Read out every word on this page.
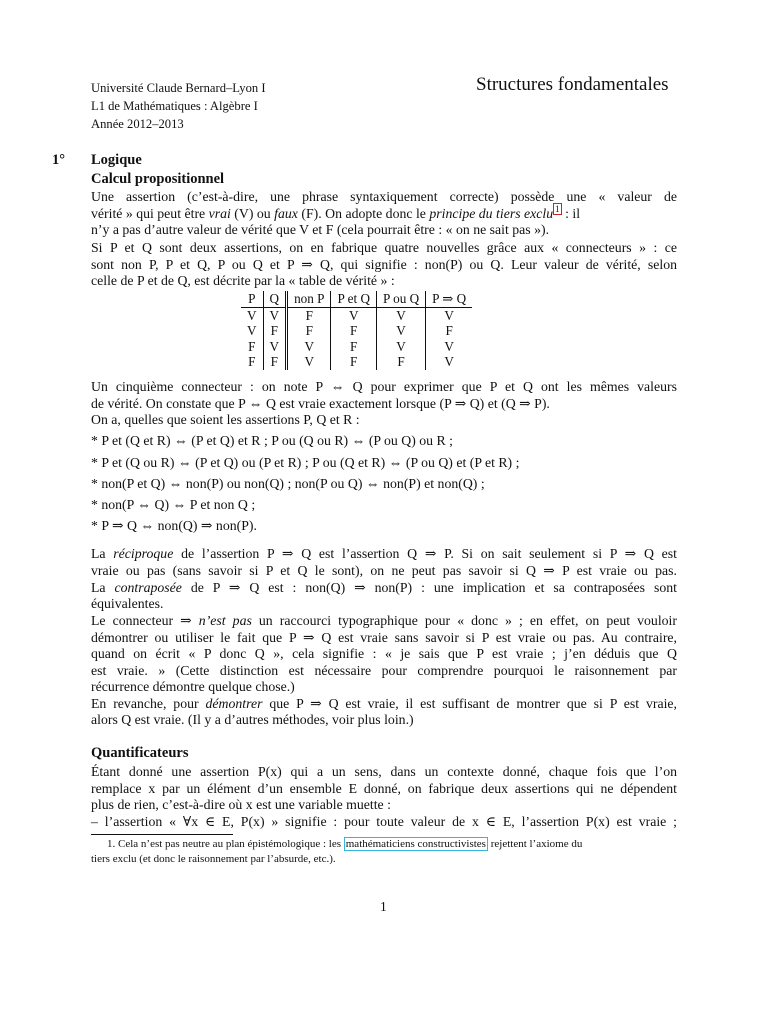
Université Claude Bernard–Lyon I
L1 de Mathématiques : Algèbre I
Année 2012–2013
Structures fondamentales
1° Logique
Calcul propositionnel
Une assertion (c’est-à-dire, une phrase syntaxiquement correcte) possède une « valeur de
vérité » qui peut être vrai (V) ou faux (F). On adopte donc le principe du tiers exclu $^1$ : il
n’y a pas d’autre valeur de vérité que V et F (cela pourrait être : « on ne sait pas »).
Si P et Q sont deux assertions, on en fabrique quatre nouvelles grâce aux « connecteurs » : ce
sont non P, P et Q, P ou Q et P ⇒ Q, qui signifie : non(P) ou Q. Leur valeur de vérité, selon
celle de P et de Q, est décrite par la « table de vérité » :
P	Q	non P	P et Q	P ou Q	P ⇒ Q
V	V	F	V	V	V
V	F	F	F	V	F
F	V	V	F	V	V
F	F	V	F	F	V
Un cinquième connecteur : on note P ⇔ Q pour exprimer que P et Q ont les mêmes valeurs
de vérité. On constate que P ⇔ Q est vraie exactement lorsque (P ⇒ Q) et (Q ⇒ P).
On a, quelles que soient les assertions P, Q et R :
* P et (Q et R) ⇔ (P et Q) et R ; P ou (Q ou R) ⇔ (P ou Q) ou R ;
* P et (Q ou R) ⇔ (P et Q) ou (P et R) ; P ou (Q et R) ⇔ (P ou Q) et (P et R) ;
* non(P et Q) ⇔ non(P) ou non(Q) ; non(P ou Q) ⇔ non(P) et non(Q) ;
* non(P ⇔ Q) ⇔ P et non Q ;
* P ⇒ Q ⇔ non(Q) ⇒ non(P).
La réciproque de l’assertion P ⇒ Q est l’assertion Q ⇒ P. Si on sait seulement si P ⇒ Q est
vraie ou pas (sans savoir si P et Q le sont), on ne peut pas savoir si Q ⇒ P est vraie ou pas.
La contraposée de P ⇒ Q est : non(Q) ⇒ non(P) : une implication et sa contraposées sont
équivalentes.
Le connecteur ⇒ n’est pas un raccourci typographique pour « donc » ; en effet, on peut vouloir
démontrer ou utiliser le fait que P ⇒ Q est vraie sans savoir si P est vraie ou pas. Au contraire,
quand on écrit « P donc Q », cela signifie : « je sais que P est vraie ; j’en déduis que Q
est vraie. » (Cette distinction est nécessaire pour comprendre pourquoi le raisonnement par
récurrence démontre quelque chose.)
En revanche, pour démontrer que P ⇒ Q est vraie, il est suffisant de montrer que si P est vraie,
alors Q est vraie. (Il y a d’autres méthodes, voir plus loin.)
Quantificateurs
Étant donné une assertion P(x) qui a un sens, dans un contexte donné, chaque fois que l’on
remplace x par un élément d’un ensemble E donné, on fabrique deux assertions qui ne dépendent
plus de rien, c’est-à-dire où x est une variable muette :
– l’assertion « ∀x ∈ E, P(x) » signifie : pour toute valeur de x ∈ E, l’assertion P(x) est vraie ;
1. Cela n’est pas neutre au plan épistémologique : les mathématiciens constructivistes rejettent l’axiome du
tiers exclu (et donc le raisonnement par l’absurde, etc.).
1
